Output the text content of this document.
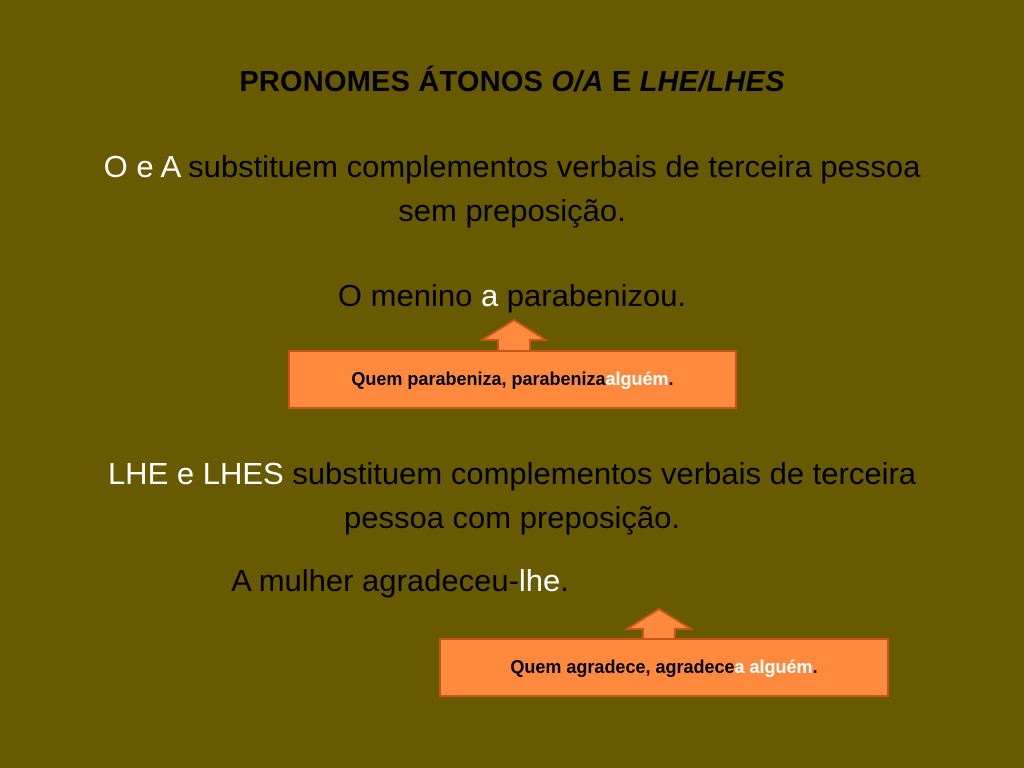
PRONOMES ÁTONOS O/A E LHE/LHES
O e A substituem complementos verbais de terceira pessoa sem preposição.
O menino a parabenizou.
Quem parabeniza, parabeniza alguém .
LHE e LHES substituem complementos verbais de terceira pessoa com preposição.
A mulher agradeceu-lhe.
Quem agradece, agradece a alguém .
